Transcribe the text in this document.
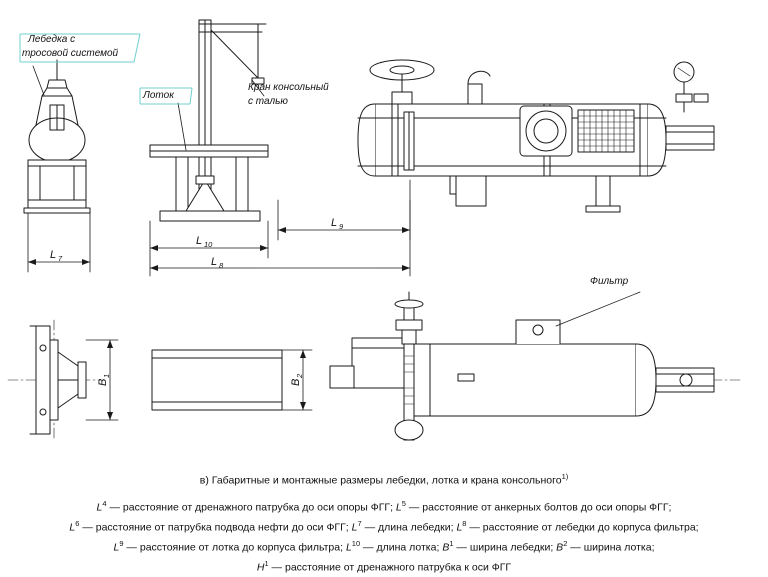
Лебедка с
тросовой системой
Лоток
Кран консольный
с талью
Фильтр
L 7
L 10
L 8
L 9
B
1
B
2
в) Габаритные и монтажные размеры лебедки, лотка и крана консольного$^{1)}$
$L^4$ — расстояние от дренажного патрубка до оси опоры ФГГ; $L^5$ — расстояние от анкерных болтов до оси опоры ФГГ;
$L^6$ — расстояние от патрубка подвода нефти до оси ФГГ; $L^7$ — длина лебедки; $L^8$ — расстояние от лебедки до корпуса фильтра;
$L^9$ — расстояние от лотка до корпуса фильтра; $L^{10}$ — длина лотка; $B^1$ — ширина лебедки; $B^2$ — ширина лотка;
$H^1$ — расстояние от дренажного патрубка к оси ФГГ
